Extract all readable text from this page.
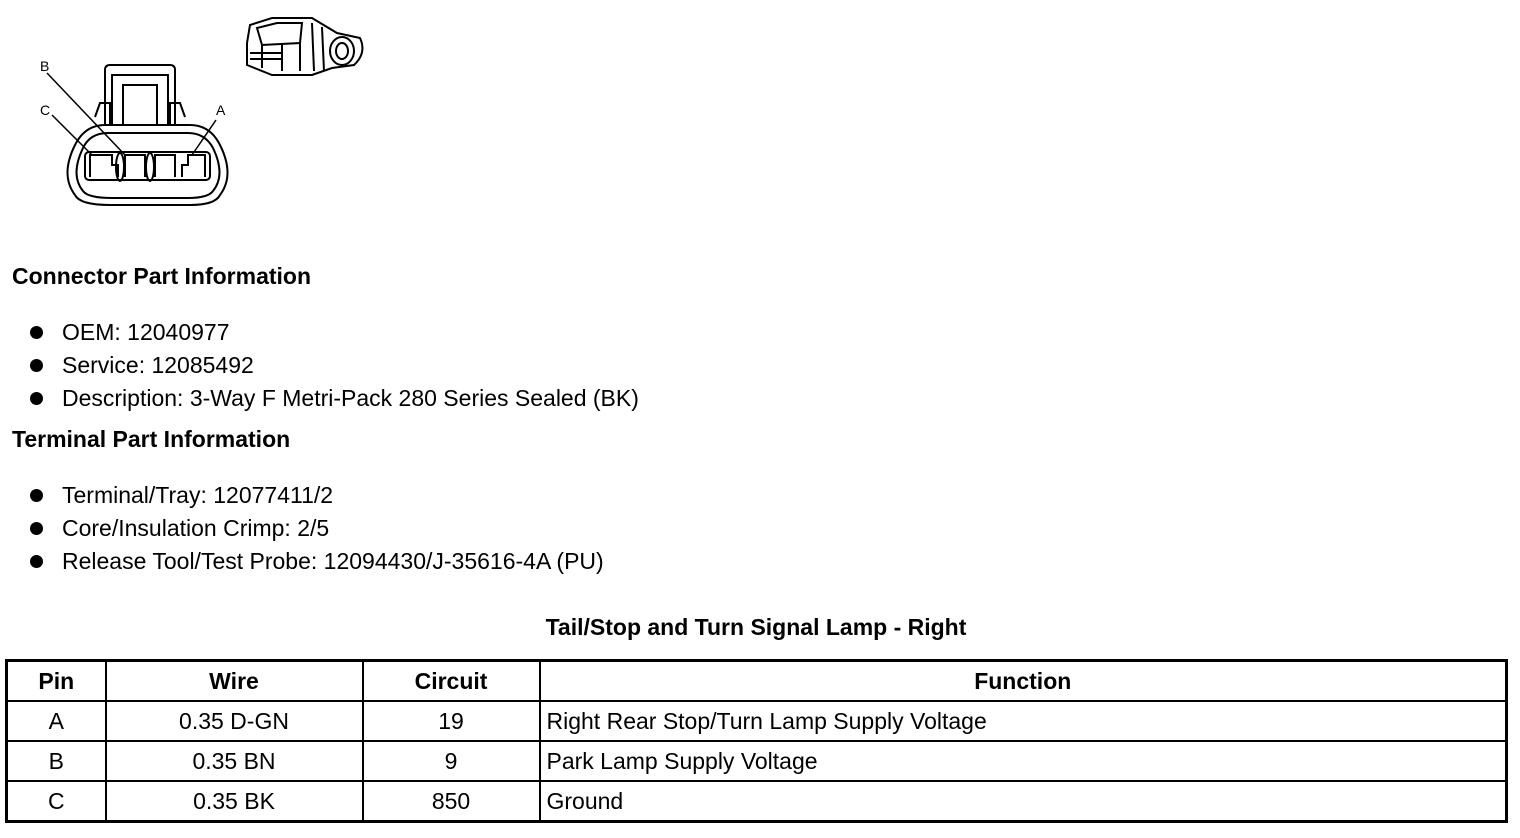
B
C	A
Connector Part Information
OEM: 12040977
Service: 12085492
Description: 3-Way F Metri-Pack 280 Series Sealed (BK)
Terminal Part Information
Terminal/Tray: 12077411/2
Core/Insulation Crimp: 2/5
Release Tool/Test Probe: 12094430/J-35616-4A (PU)
Tail/Stop and Turn Signal Lamp - Right
Pin	Wire	Circuit	Function
A	0.35 D-GN	19	Right Rear Stop/Turn Lamp Supply Voltage
B	0.35 BN	9	Park Lamp Supply Voltage
C	0.35 BK	850	Ground
